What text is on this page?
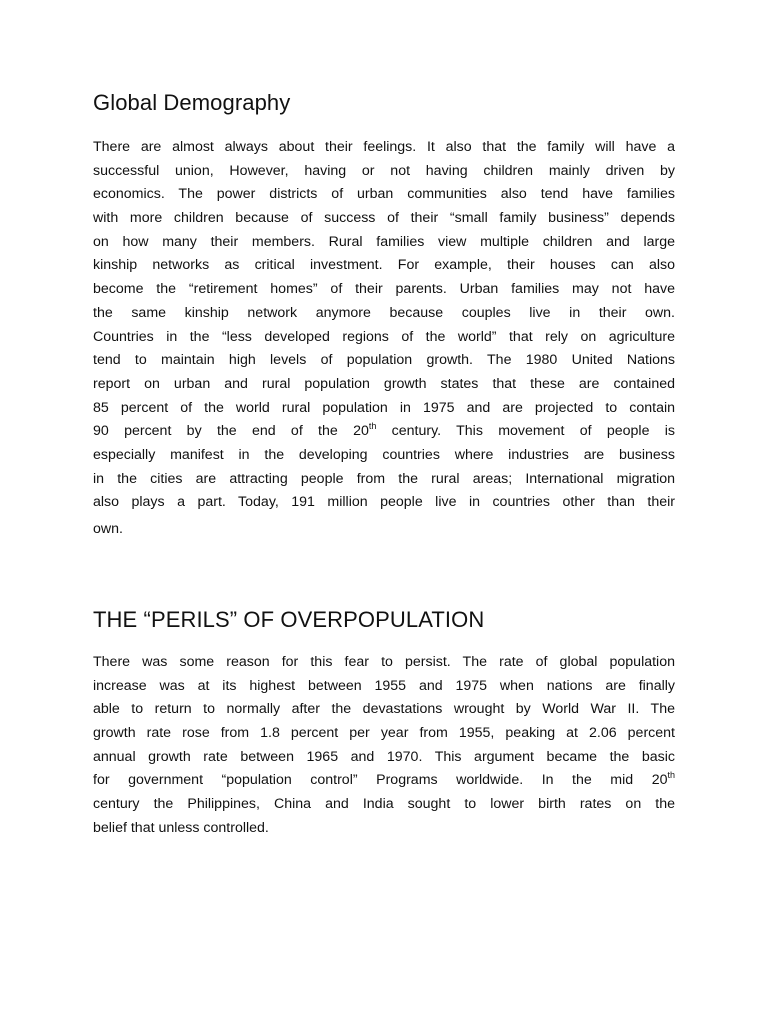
Global Demography
There are almost always about their feelings. It also that the family will have a
successful union, However, having or not having children mainly driven by
economics. The power districts of urban communities also tend have families
with more children because of success of their “small family business” depends
on how many their members. Rural families view multiple children and large
kinship networks as critical investment. For example, their houses can also
become the “retirement homes” of their parents. Urban families may not have
the same kinship network anymore because couples live in their own.
Countries in the “less developed regions of the world” that rely on agriculture
tend to maintain high levels of population growth. The 1980 United Nations
report on urban and rural population growth states that these are contained
85 percent of the world rural population in 1975 and are projected to contain
90 percent by the end of the 20th century. This movement of people is
especially manifest in the developing countries where industries are business
in the cities are attracting people from the rural areas; International migration
also plays a part. Today, 191 million people live in countries other than their
own.
THE “PERILS” OF OVERPOPULATION
There was some reason for this fear to persist. The rate of global population
increase was at its highest between 1955 and 1975 when nations are finally
able to return to normally after the devastations wrought by World War II. The
growth rate rose from 1.8 percent per year from 1955, peaking at 2.06 percent
annual growth rate between 1965 and 1970. This argument became the basic
for government “population control” Programs worldwide. In the mid 20th
century the Philippines, China and India sought to lower birth rates on the
belief that unless controlled.
